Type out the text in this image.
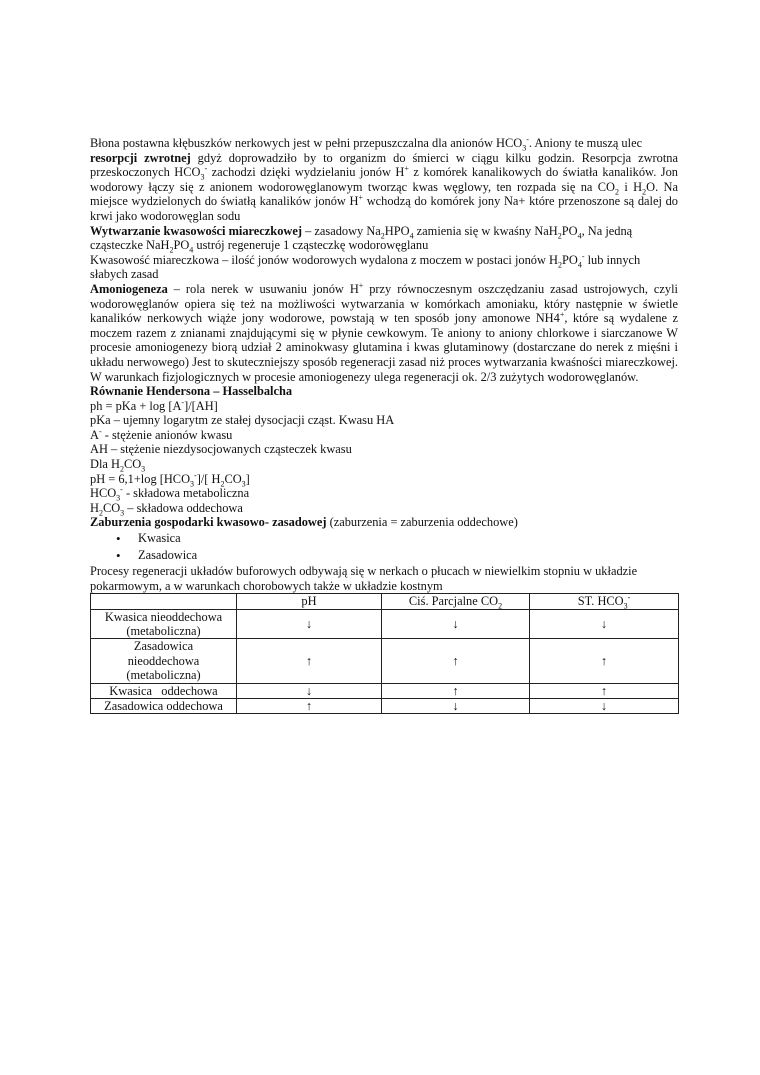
Błona postawna kłębuszków nerkowych jest w pełni przepuszczalna dla anionów $HCO_3^-$. Aniony te muszą ulec
resorpcji zwrotnej gdyż doprowadziło by to organizm do śmierci w ciągu kilku godzin. Resorpcja zwrotna przeskoczonych $HCO_3^-$ zachodzi dzięki wydzielaniu jonów H+ z komórek kanalikowych do światła kanalików. Jon wodorowy łączy się z anionem wodorowęglanowym tworząc kwas węglowy, ten rozpada się na $CO_2$ i $H_2O$. Na miejsce wydzielonych do światłą kanalików jonów H+ wchodzą do komórek jony Na+ które przenoszone są dalej do krwi jako wodorowęglan sodu

Wytwarzanie kwasowości miareczkowej – zasadowy $Na_2HPO_4$ zamienia się w kwaśny $NaH_2PO_4$, Na jedną cząsteczke $NaH_2PO_4$ ustrój regeneruje 1 cząsteczkę wodorowęglanu

Kwasowość miareczkowa – ilość jonów wodorowych wydalona z moczem w postaci jonów $H_2PO_4^-$ lub innych słabych zasad

Amoniogeneza – rola nerek w usuwaniu jonów H+ przy równoczesnym oszczędzaniu zasad ustrojowych, czyli wodorowęglanów opiera się też na możliwości wytwarzania w komórkach amoniaku, który następnie w świetle kanalików nerkowych wiąże jony wodorowe, powstają w ten sposób jony amonowe NH4+, które są wydalene z moczem razem z znianami znajdującymi się w płynie cewkowym. Te aniony to aniony chlorkowe i siarczanowe W procesie amoniogenezy biorą udział 2 aminokwasy glutamina i kwas glutaminowy (dostarczane do nerek z mięśni i układu nerwowego) Jest to skuteczniejszy sposób regeneracji zasad niż proces wytwarzania kwaśności miareczkowej. W warunkach fizjologicznych w procesie amoniogenezy ulega regeneracji ok. 2/3 zużytych wodorowęglanów.

Równanie Hendersona – Hasselbalcha

ph = pKa + log [A-]/[AH]

pKa – ujemny logarytm ze stałej dysocjacji cząst. Kwasu HA

A- - stężenie anionów kwasu

AH – stężenie niezdysocjowanych cząsteczek kwasu

Dla $H_2CO_3$

pH = 6,1+log $[HCO_3^-]/$[ $H_2CO_3$]

$HCO_3^-$ - składowa metaboliczna

$H_2CO_3$ – składowa oddechowa

Zaburzenia gospodarki kwasowo- zasadowej (zaburzenia = zaburzenia oddechowe)

• Kwasica
• Zasadowica

Procesy regeneracji układów buforowych odbywają się w nerkach o płucach w niewielkim stopniu w układzie pokarmowym, a w warunkach chorobowych także w układzie kostnym

	pH	Ciś. Parcjalne $CO_2$	ST. $HCO_3^-$
Kwasica nieoddechowa (metaboliczna)	↓	↓	↓
Zasadowica nieoddechowa (metaboliczna)	↑	↑	↑
Kwasica   oddechowa	↓	↑	↑
Zasadowica oddechowa	↑	↓	↓
